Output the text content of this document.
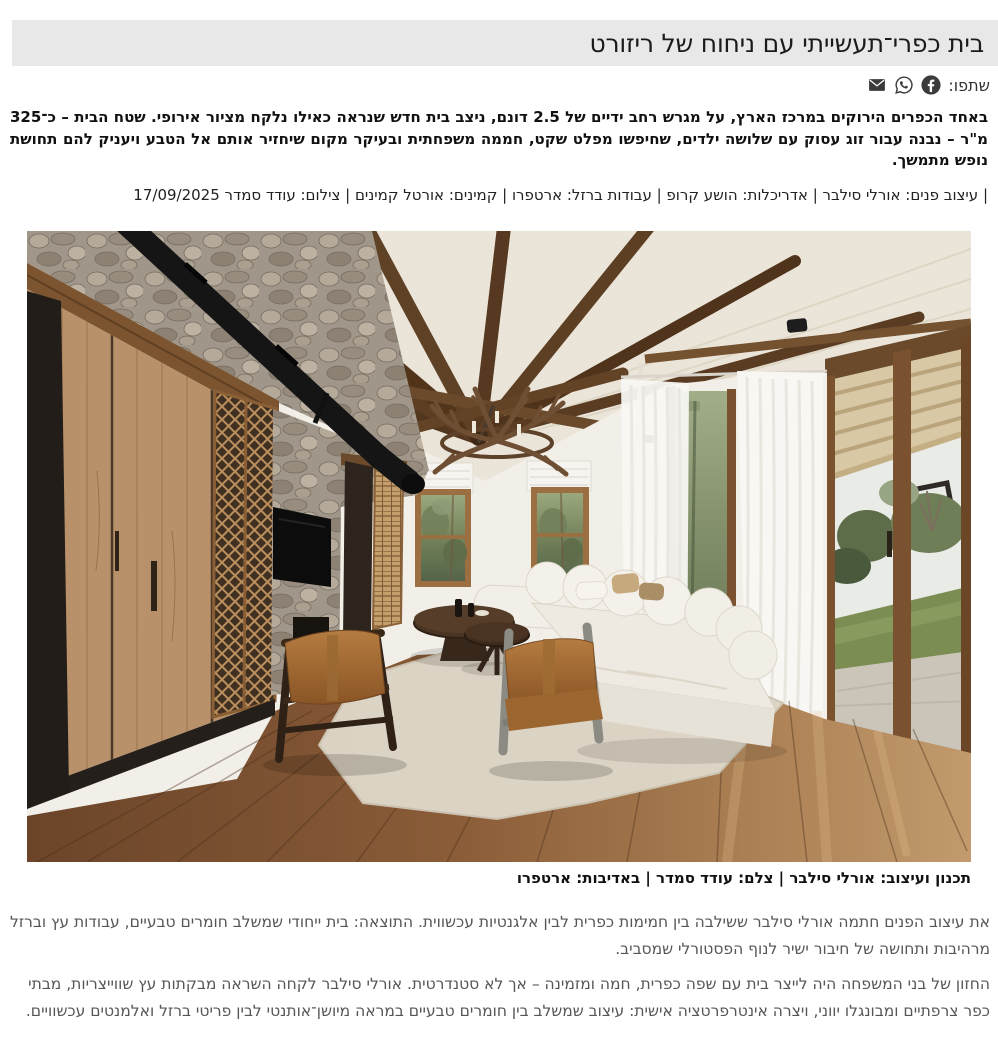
בית כפרי־תעשייתי עם ניחוח של ריזורט
שתפו:

באחד הכפרים הירוקים במרכז הארץ, על מגרש רחב ידיים של 2.5 דונם, ניצב בית חדש שנראה כאילו נלקח מציור אירופי. שטח הבית – כ־325 מ"ר – נבנה עבור זוג עסוק עם שלושה ילדים, שחיפשו מפלט שקט, חממה משפחתית ובעיקר מקום שיחזיר אותם אל הטבע ויעניק להם תחושת נופש מתמשך.

| עיצוב פנים: אורלי סילבר | אדריכלות: הושע קרופ | עבודות ברזל: ארטפרו | קמינים: אורטל קמינים | צילום: עודד סמדר 17/09/2025

תכנון ועיצוב: אורלי סילבר | צלם: עודד סמדר | באדיבות: ארטפרו

את עיצוב הפנים חתמה אורלי סילבר ששילבה בין חמימות כפרית לבין אלגנטיות עכשווית. התוצאה: בית ייחודי שמשלב חומרים טבעיים, עבודות עץ וברזל מרהיבות ותחושה של חיבור ישיר לנוף הפסטורלי שמסביב.

החזון של בני המשפחה היה לייצר בית עם שפה כפרית, חמה ומזמינה – אך לא סטנדרטית. אורלי סילבר לקחה השראה מבקתות עץ שווייצריות, מבתי כפר צרפתיים ומבונגלו יווני, ויצרה אינטרפרטציה אישית: עיצוב שמשלב בין חומרים טבעיים במראה מיושן־אותנטי לבין פריטי ברזל ואלמנטים עכשוויים.
